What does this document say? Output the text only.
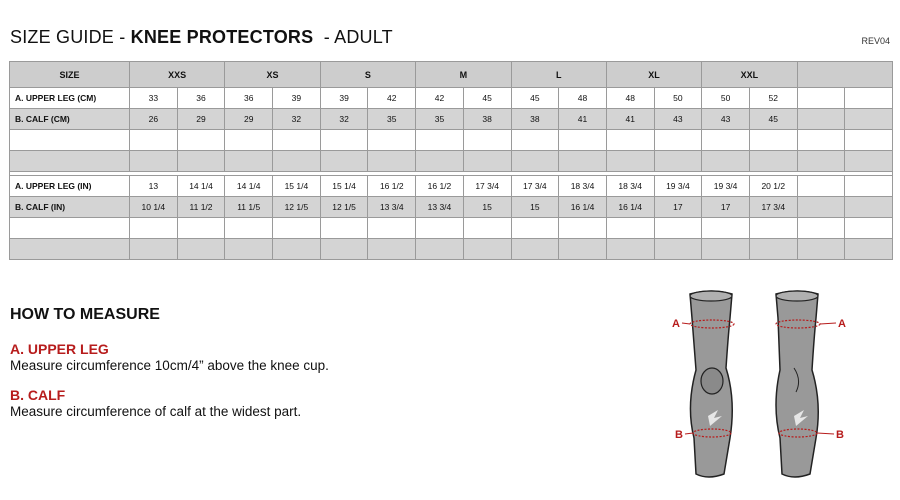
SIZE GUIDE - KNEE PROTECTORS  - ADULT	REV04
SIZE	XXS		XS		S		M		L		XL		XXL			
A. UPPER LEG (CM)	33	36	36	39	39	42	42	45	45	48	48	50	50	52		
B. CALF (CM)	26	29	29	32	32	35	35	38	38	41	41	43	43	45		

A. UPPER LEG (IN)	13	14 1/4	14 1/4	15 1/4	15 1/4	16 1/2	16 1/2	17 3/4	17 3/4	18 3/4	18 3/4	19 3/4	19 3/4	20 1/2		
B. CALF (IN)	10 1/4	11 1/2	11 1/5	12 1/5	12 1/5	13 3/4	13 3/4	15	15	16 1/4	16 1/4	17	17	17 3/4		

HOW TO MEASURE
A. UPPER LEG
Measure circumference 10cm/4” above the knee cup.
B. CALF
Measure circumference of calf at the widest part.
A	A
B	B
